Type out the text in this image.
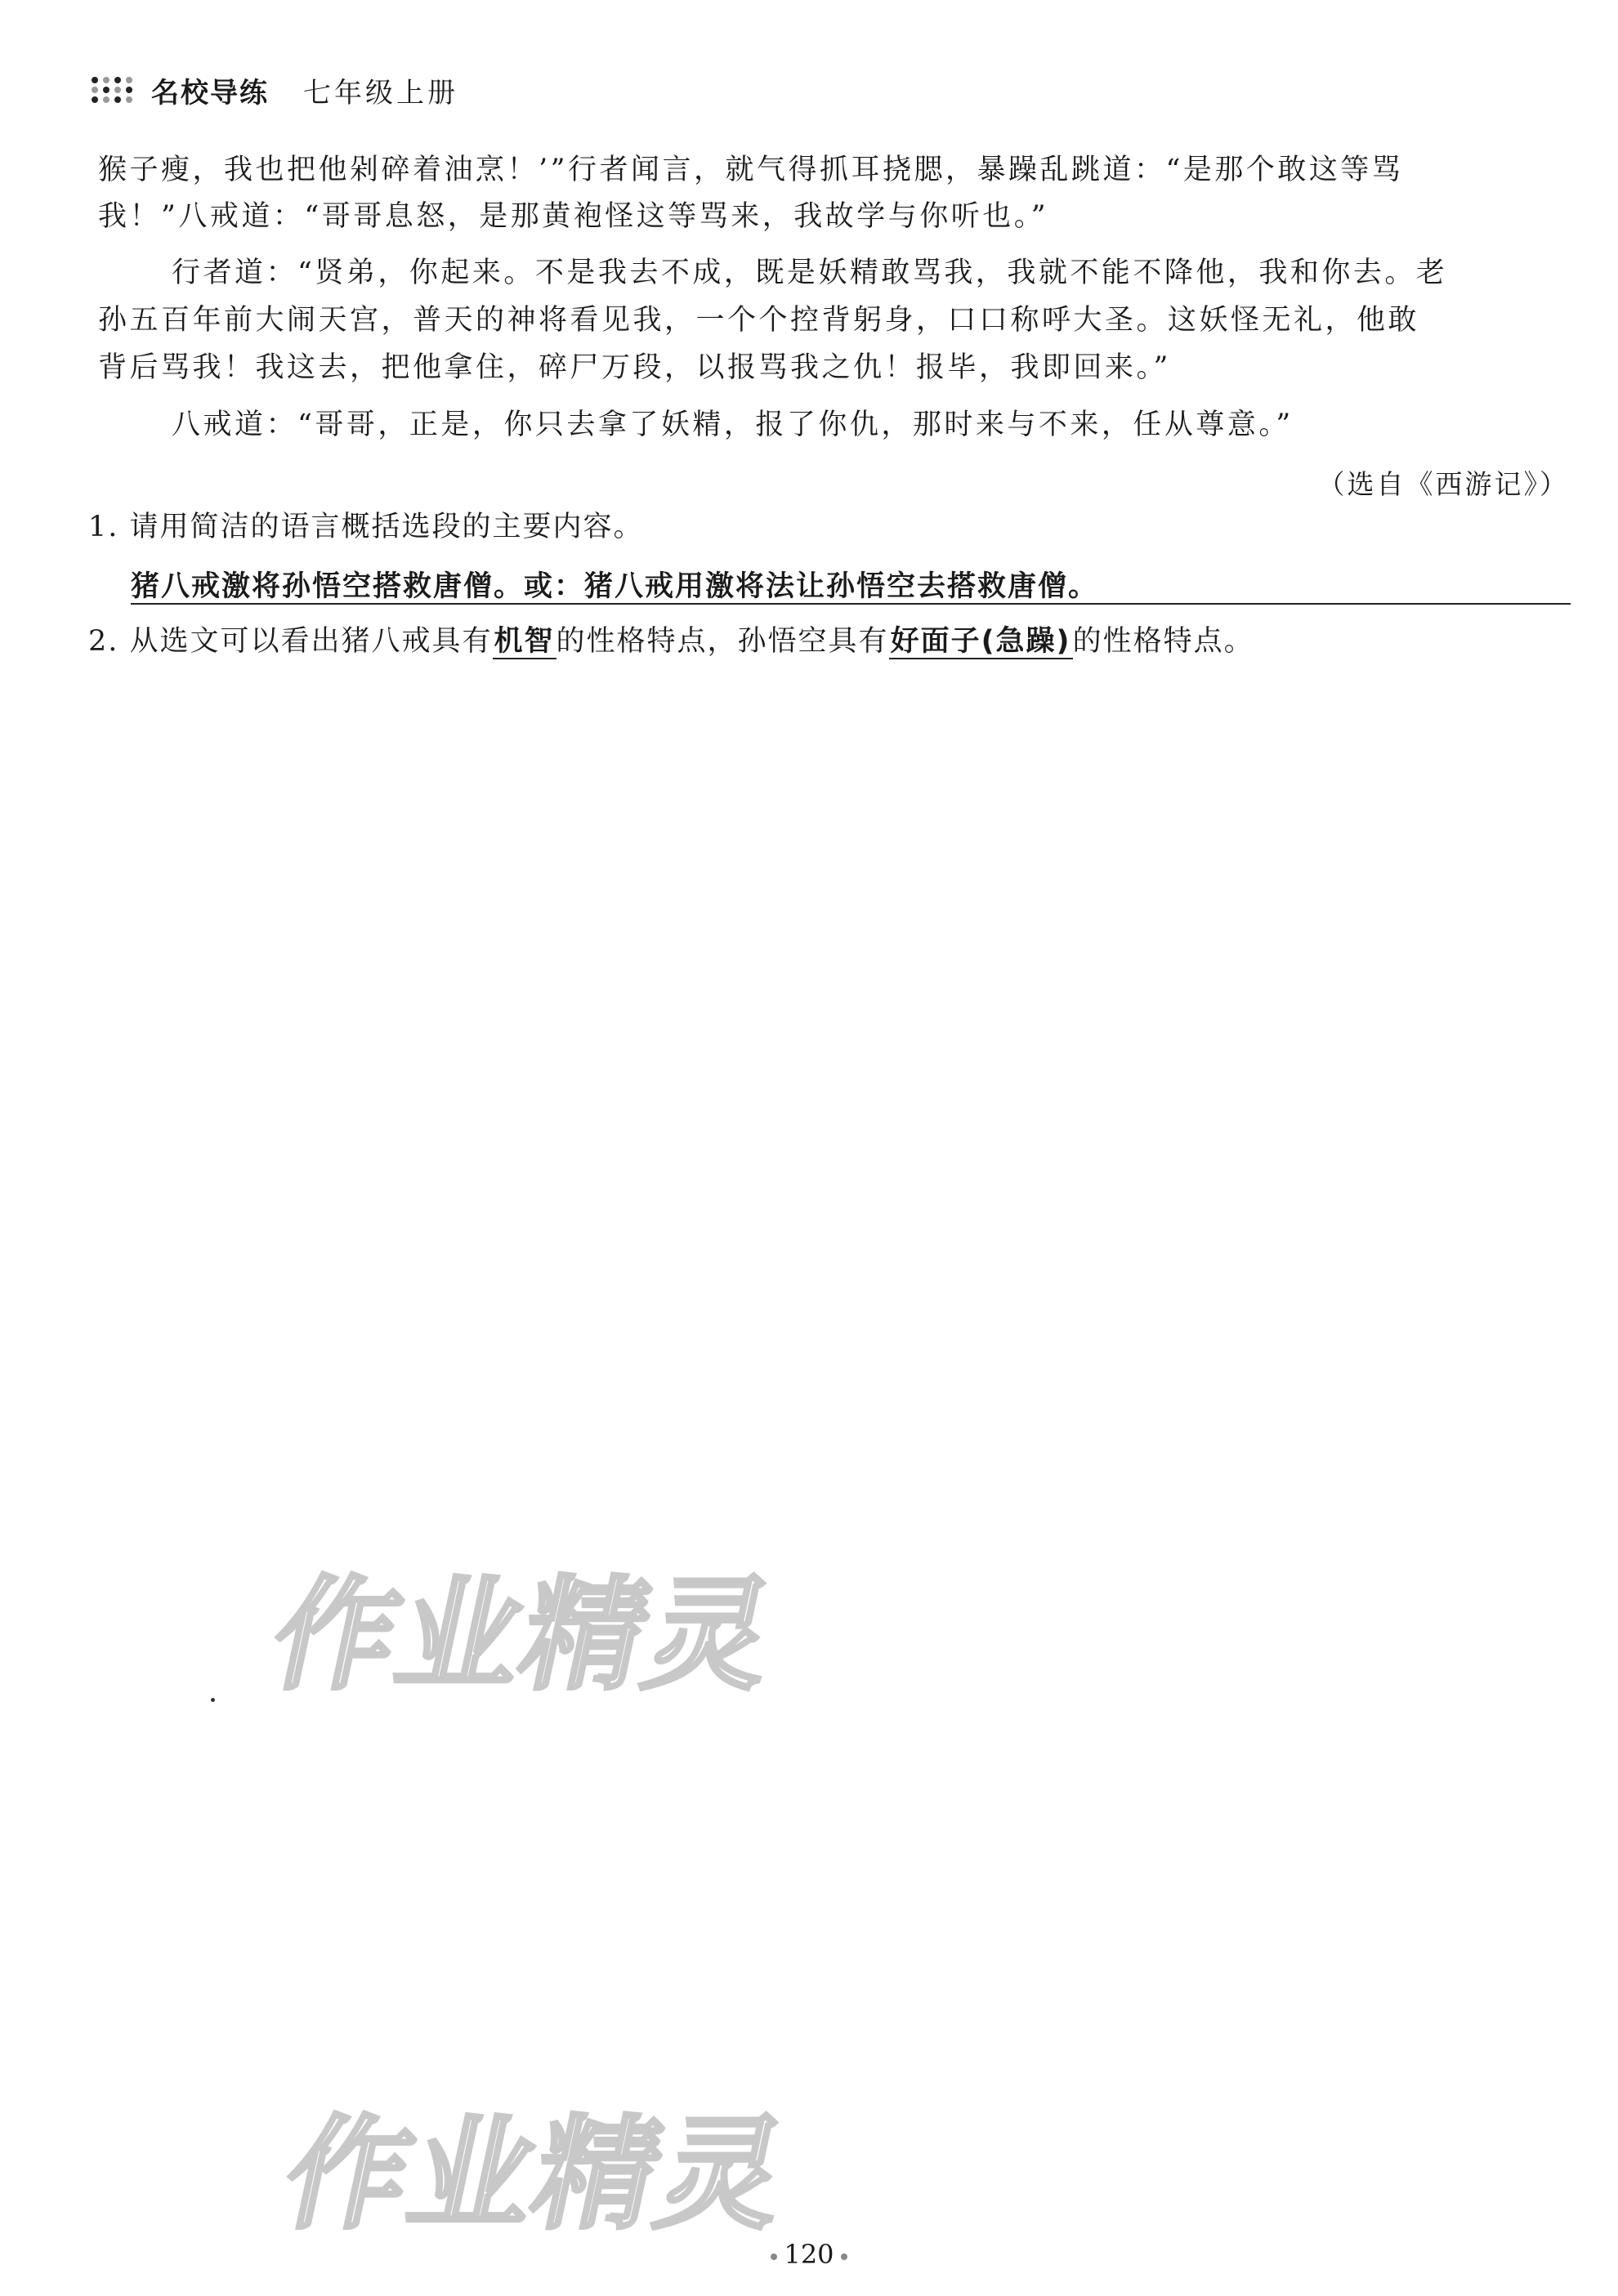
名校导练 七年级上册
猴子瘦，我也把他剁碎着油烹！’”行者闻言，就气得抓耳挠腮，暴躁乱跳道：“是那个敢这等骂
我！”八戒道：“哥哥息怒，是那黄袍怪这等骂来，我故学与你听也。”
行者道：“贤弟，你起来。不是我去不成，既是妖精敢骂我，我就不能不降他，我和你去。老
孙五百年前大闹天宫，普天的神将看见我，一个个控背躬身，口口称呼大圣。这妖怪无礼，他敢
背后骂我！我这去，把他拿住，碎尸万段，以报骂我之仇！报毕，我即回来。”
八戒道：“哥哥，正是，你只去拿了妖精，报了你仇，那时来与不来，任从尊意。”
（选自《西游记》）
1. 请用简洁的语言概括选段的主要内容。
猪八戒激将孙悟空搭救唐僧。或：猪八戒用激将法让孙悟空去搭救唐僧。
2. 从选文可以看出猪八戒具有机智的性格特点，孙悟空具有好面子(急躁)的性格特点。
作业精灵
作业精灵
120
